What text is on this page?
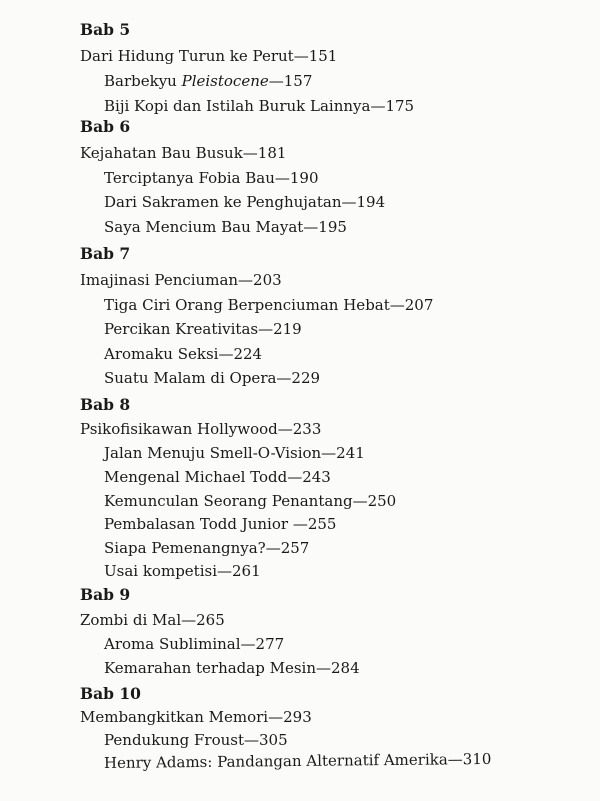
Bab 5
Dari Hidung Turun ke Perut—151
Barbekyu Pleistocene—157
Biji Kopi dan Istilah Buruk Lainnya—175
Bab 6
Kejahatan Bau Busuk—181
Terciptanya Fobia Bau—190
Dari Sakramen ke Penghujatan—194
Saya Mencium Bau Mayat—195
Bab 7
Imajinasi Penciuman—203
Tiga Ciri Orang Berpenciuman Hebat—207
Percikan Kreativitas—219
Aromaku Seksi—224
Suatu Malam di Opera—229
Bab 8
Psikofisikawan Hollywood—233
Jalan Menuju Smell-O-Vision—241
Mengenal Michael Todd—243
Kemunculan Seorang Penantang—250
Pembalasan Todd Junior —255
Siapa Pemenangnya?—257
Usai kompetisi—261
Bab 9
Zombi di Mal—265
Aroma Subliminal—277
Kemarahan terhadap Mesin—284
Bab 10
Membangkitkan Memori—293
Pendukung Froust—305
Henry Adams: Pandangan Alternatif Amerika—310
